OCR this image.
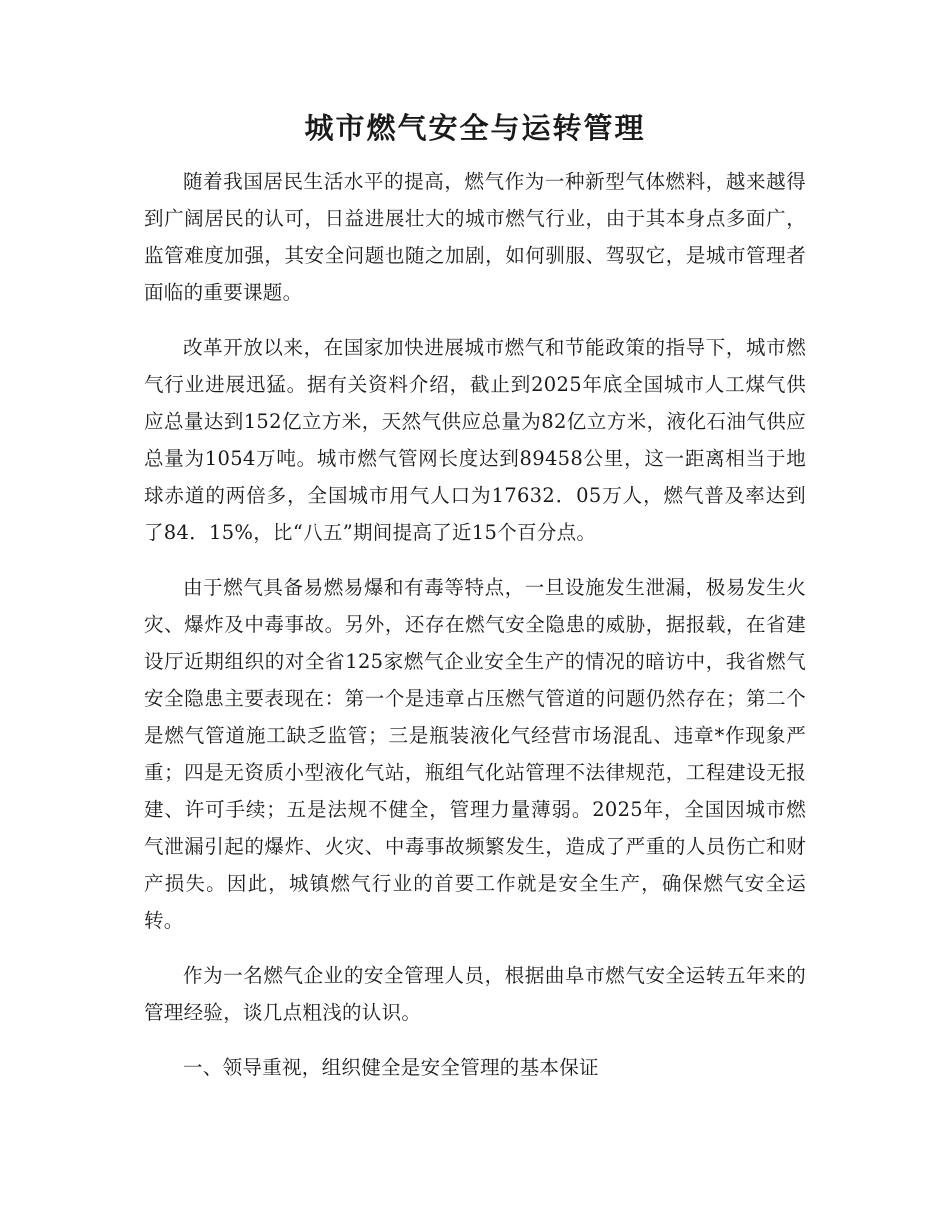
城市燃气安全与运转管理

随着我国居民生活水平的提高，燃气作为一种新型气体燃料，越来越得到广阔居民的认可，日益进展壮大的城市燃气行业，由于其本身点多面广，监管难度加强，其安全问题也随之加剧，如何驯服、驾驭它，是城市管理者面临的重要课题。

改革开放以来，在国家加快进展城市燃气和节能政策的指导下，城市燃气行业进展迅猛。据有关资料介绍，截止到2025年底全国城市人工煤气供应总量达到152亿立方米，天然气供应总量为82亿立方米，液化石油气供应总量为1054万吨。城市燃气管网长度达到89458公里，这一距离相当于地球赤道的两倍多，全国城市用气人口为17632．05万人，燃气普及率达到了84．15%，比“八五”期间提高了近15个百分点。

由于燃气具备易燃易爆和有毒等特点，一旦设施发生泄漏，极易发生火灾、爆炸及中毒事故。另外，还存在燃气安全隐患的威胁，据报载，在省建设厅近期组织的对全省125家燃气企业安全生产的情况的暗访中，我省燃气安全隐患主要表现在：第一个是违章占压燃气管道的问题仍然存在；第二个是燃气管道施工缺乏监管；三是瓶装液化气经营市场混乱、违章*作现象严重；四是无资质小型液化气站，瓶组气化站管理不法律规范，工程建设无报建、许可手续；五是法规不健全，管理力量薄弱。2025年，全国因城市燃气泄漏引起的爆炸、火灾、中毒事故频繁发生，造成了严重的人员伤亡和财产损失。因此，城镇燃气行业的首要工作就是安全生产，确保燃气安全运转。

作为一名燃气企业的安全管理人员，根据曲阜市燃气安全运转五年来的管理经验，谈几点粗浅的认识。

一、领导重视，组织健全是安全管理的基本保证
